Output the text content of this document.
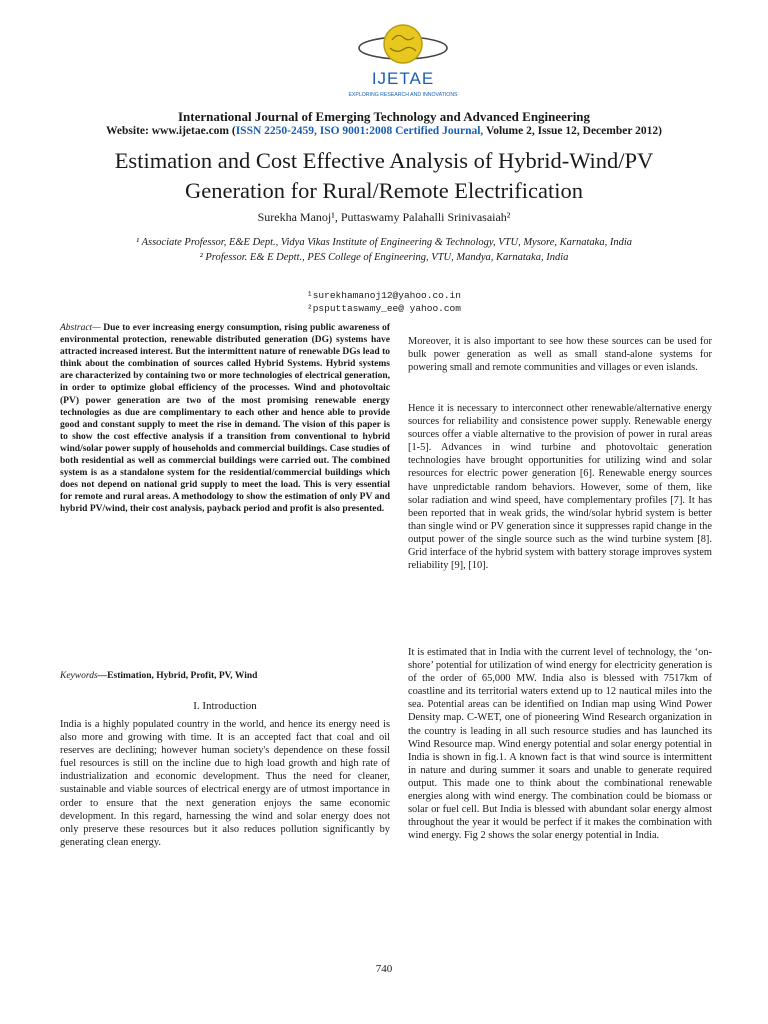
IJETAE
EXPLORING RESEARCH AND INNOVATIONS
International Journal of Emerging Technology and Advanced Engineering
Website: www.ijetae.com (ISSN 2250-2459, ISO 9001:2008 Certified Journal, Volume 2, Issue 12, December 2012)
Estimation and Cost Effective Analysis of Hybrid-Wind/PV
Generation for Rural/Remote Electrification
Surekha Manoj¹, Puttaswamy Palahalli Srinivasaiah²
¹ Associate Professor, E&E Dept., Vidya Vikas Institute of Engineering & Technology, VTU, Mysore, Karnataka, India
² Professor. E& E Deptt., PES College of Engineering, VTU, Mandya, Karnataka, India
¹surekhamanoj12@yahoo.co.in
²psputtaswamy_ee@ yahoo.com

Abstract— Due to ever increasing energy consumption, rising public awareness of environmental protection, renewable distributed generation (DG) systems have attracted increased interest. But the intermittent nature of renewable DGs lead to think about the combination of sources called Hybrid Systems. Hybrid systems are characterized by containing two or more technologies of electrical generation, in order to optimize global efficiency of the processes. Wind and photovoltaic (PV) power generation are two of the most promising renewable energy technologies as due are complimentary to each other and hence able to provide good and constant supply to meet the rise in demand. The vision of this paper is to show the cost effective analysis if a transition from conventional to hybrid wind/solar power supply of households and commercial buildings. Case studies of both residential as well as commercial buildings were carried out. The combined system is as a standalone system for the residential/commercial buildings which does not depend on national grid supply to meet the load. This is very essential for remote and rural areas. A methodology to show the estimation of only PV and hybrid PV/wind, their cost analysis, payback period and profit is also presented.

Keywords—Estimation, Hybrid, Profit, PV, Wind

I. Introduction

India is a highly populated country in the world, and hence its energy need is also more and growing with time. It is an accepted fact that coal and oil reserves are declining; however human society's dependence on these fossil fuel resources is still on the incline due to high load growth and high rate of industrialization and economic development. Thus the need for cleaner, sustainable and viable sources of electrical energy are of utmost importance in order to ensure that the next generation enjoys the same economic development. In this regard, harnessing the wind and solar energy does not only preserve these resources but it also reduces pollution significantly by generating clean energy.

Moreover, it is also important to see how these sources can be used for bulk power generation as well as small stand-alone systems for powering small and remote communities and villages or even islands.

Hence it is necessary to interconnect other renewable/alternative energy sources for reliability and consistence power supply. Renewable energy sources offer a viable alternative to the provision of power in rural areas [1-5]. Advances in wind turbine and photovoltaic generation technologies have brought opportunities for utilizing wind and solar resources for electric power generation [6]. Renewable energy sources have unpredictable random behaviors. However, some of them, like solar radiation and wind speed, have complementary profiles [7]. It has been reported that in weak grids, the wind/solar hybrid system is better than single wind or PV generation since it suppresses rapid change in the output power of the single source such as the wind turbine system [8]. Grid interface of the hybrid system with battery storage improves system reliability [9], [10].

It is estimated that in India with the current level of technology, the ‘on-shore’ potential for utilization of wind energy for electricity generation is of the order of 65,000 MW. India also is blessed with 7517km of coastline and its territorial waters extend up to 12 nautical miles into the sea. Potential areas can be identified on Indian map using Wind Power Density map. C-WET, one of pioneering Wind Research organization in the country is leading in all such resource studies and has launched its Wind Resource map. Wind energy potential and solar energy potential in India is shown in fig.1. A known fact is that wind source is intermittent in nature and during summer it soars and unable to generate required output. This made one to think about the combinational renewable energies along with wind energy. The combination could be biomass or solar or fuel cell. But India is blessed with abundant solar energy almost throughout the year it would be perfect if it makes the combination with wind energy. Fig 2 shows the solar energy potential in India.

740
